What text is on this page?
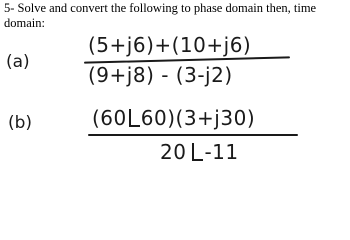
5- Solve and convert the following to phase domain then, time domain:
(a)
(5+j6)+(10+j6)
(9+j8) - (3-j2)
(b)	(60 60)(3+j30)
20 -11
